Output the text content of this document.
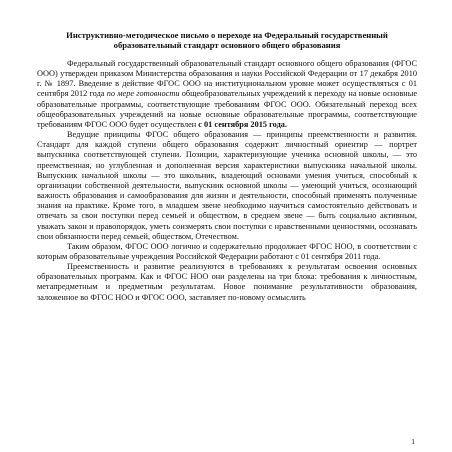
Инструктивно-методическое письмо о переходе на Федеральный государственный образовательный стандарт основного общего образования

Федеральный государственный образовательный стандарт основного общего образования (ФГОС ООО) утвержден приказом Министерства образования и науки Российской Федерации от 17 декабря 2010 г. № 1897. Введение в действие ФГОС ООО на институциональном уровне может осуществляться с 01 сентября 2012 года по мере готовности общеобразовательных учреждений к переходу на новые основные образовательные программы, соответствующие требованиям ФГОС ООО. Обязательный переход всех общеобразовательных учреждений на новые основные образовательные программы, соответствующие требованиям ФГОС ООО будет осуществлен с 01 сентября 2015 года.

Ведущие принципы ФГОС общего образования — принципы преемственности и развития. Стандарт для каждой ступени общего образования содержит личностный ориентир — портрет выпускника соответствующей ступени. Позиции, характеризующие ученика основной школы, — это преемственная, но углубленная и дополненная версия характеристики выпускника начальной школы. Выпускник начальной школы — это школьник, владеющий основами умения учиться, способный к организации собственной деятельности, выпускник основной школы — умеющий учиться, осознающий важность образования и самообразования для жизни и деятельности, способный применять полученные знания на практике. Кроме того, в младшем звене необходимо научиться самостоятельно действовать и отвечать за свои поступки перед семьей и обществом, в среднем звене — быть социально активным, уважать закон и правопорядок, уметь соизмерять свои поступки с нравственными ценностями, осознавать свои обязанности перед семьей, обществом, Отечеством.

Таким образом, ФГОС ООО логично и содержательно продолжает ФГОС НОО, в соответствии с которым образовательные учреждения Российской Федерации работают с 01 сентября 2011 года.

Преемственность и развитие реализуются в требованиях к результатам освоения основных образовательных программ. Как и ФГОС НОО они разделены на три блока: требования к личностным, метапредметным и предметным результатам. Новое понимание результативности образования, заложенное во ФГОС НОО и ФГОС ООО, заставляет по-новому осмыслить

1
